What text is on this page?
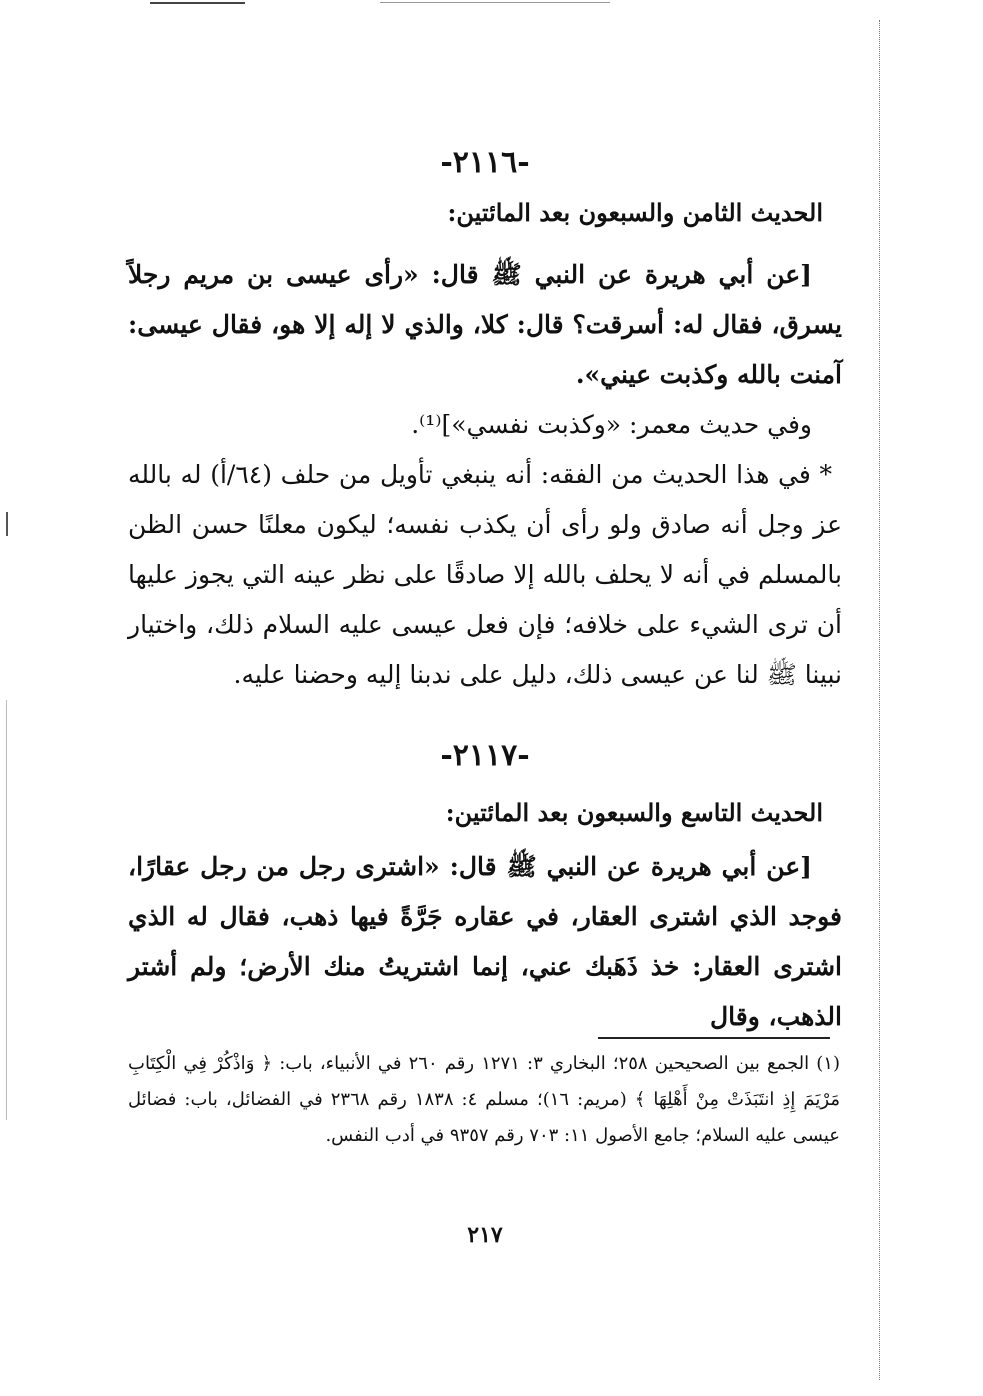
-٢١١٦-
الحديث الثامن والسبعون بعد المائتين:

[عن أبي هريرة عن النبي ﷺ قال: «رأى عيسى بن مريم رجلاً يسرق، فقال له: أسرقت؟ قال: كلا، والذي لا إله إلا هو، فقال عيسى: آمنت بالله وكذبت عيني».

وفي حديث معمر: «وكذبت نفسي»]⁽¹⁾.

* في هذا الحديث من الفقه: أنه ينبغي تأويل من حلف (٦٤/أ) له بالله عز وجل أنه صادق ولو رأى أن يكذب نفسه؛ ليكون معلنًا حسن الظن بالمسلم في أنه لا يحلف بالله إلا صادقًا على نظر عينه التي يجوز عليها أن ترى الشيء على خلافه؛ فإن فعل عيسى عليه السلام ذلك، واختيار نبينا ﷺ لنا عن عيسى ذلك، دليل على ندبنا إليه وحضنا عليه.

-٢١١٧-
الحديث التاسع والسبعون بعد المائتين:

[عن أبي هريرة عن النبي ﷺ قال: «اشترى رجل من رجل عقارًا، فوجد الذي اشترى العقار، في عقاره جَرَّةً فيها ذهب، فقال له الذي اشترى العقار: خذ ذَهَبك عني، إنما اشتريتُ منك الأرض؛ ولم أشتر الذهب، وقال

(١) الجمع بين الصحيحين ٢٥٨؛ البخاري ٣: ١٢٧١ رقم ٢٦٠ في الأنبياء، باب: ﴿ وَاذْكُرْ فِي الْكِتَابِ مَرْيَمَ إِذِ انتَبَذَتْ مِنْ أَهْلِهَا ﴾ (مريم: ١٦)؛ مسلم ٤: ١٨٣٨ رقم ٢٣٦٨ في الفضائل، باب: فضائل عيسى عليه السلام؛ جامع الأصول ١١: ٧٠٣ رقم ٩٣٥٧ في أدب النفس.
٢١٧
